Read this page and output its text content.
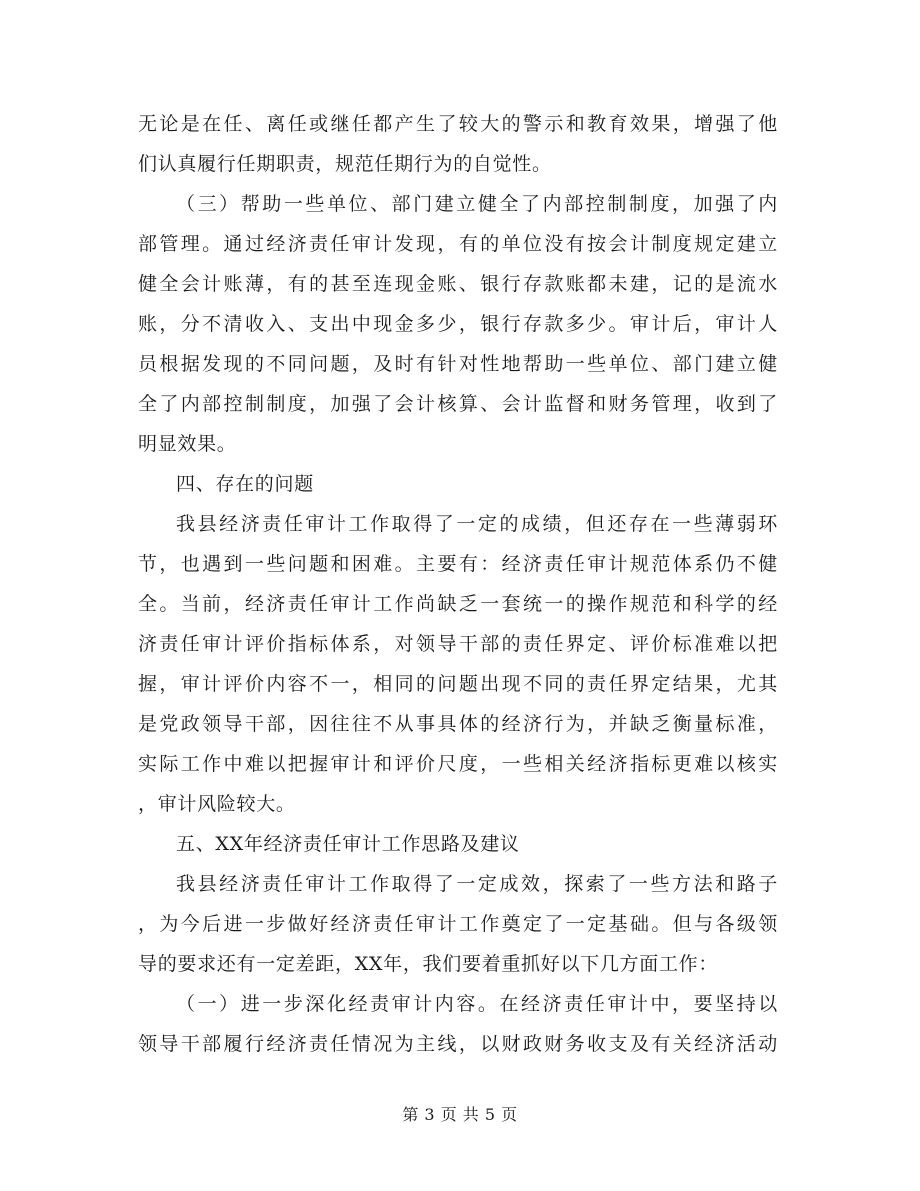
无论是在任、离任或继任都产生了较大的警示和教育效果，增强了他
们认真履行任期职责，规范任期行为的自觉性。
（三）帮助一些单位、部门建立健全了内部控制制度，加强了内
部管理。通过经济责任审计发现，有的单位没有按会计制度规定建立
健全会计账薄，有的甚至连现金账、银行存款账都未建，记的是流水
账，分不清收入、支出中现金多少，银行存款多少。审计后，审计人
员根据发现的不同问题，及时有针对性地帮助一些单位、部门建立健
全了内部控制制度，加强了会计核算、会计监督和财务管理，收到了
明显效果。
四、存在的问题
我县经济责任审计工作取得了一定的成绩，但还存在一些薄弱环
节，也遇到一些问题和困难。主要有：经济责任审计规范体系仍不健
全。当前，经济责任审计工作尚缺乏一套统一的操作规范和科学的经
济责任审计评价指标体系，对领导干部的责任界定、评价标准难以把
握，审计评价内容不一，相同的问题出现不同的责任界定结果，尤其
是党政领导干部，因往往不从事具体的经济行为，并缺乏衡量标准，
实际工作中难以把握审计和评价尺度，一些相关经济指标更难以核实
，审计风险较大。
五、XX年经济责任审计工作思路及建议
我县经济责任审计工作取得了一定成效，探索了一些方法和路子
，为今后进一步做好经济责任审计工作奠定了一定基础。但与各级领
导的要求还有一定差距，XX年，我们要着重抓好以下几方面工作：
（一）进一步深化经责审计内容。在经济责任审计中，要坚持以
领导干部履行经济责任情况为主线，以财政财务收支及有关经济活动
第 3 页 共 5 页
